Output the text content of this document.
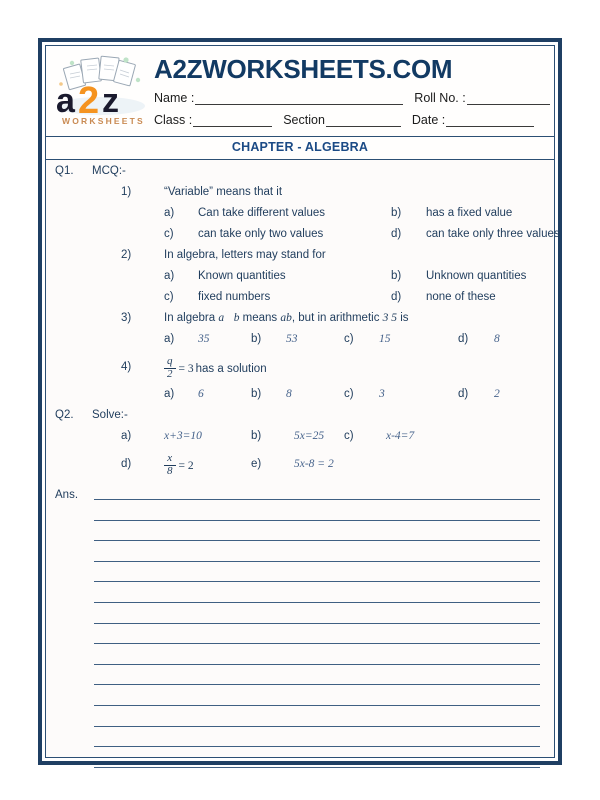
a 2 z
WORKSHEETS
A2ZWORKSHEETS.COM
Name :	Roll No. :
Class :	Section	Date :
CHAPTER - ALGEBRA
Q1. MCQ:-
1)	“Variable” means that it
a) Can take different values	b) has a fixed value
c) can take only two values	d) can take only three values
2)	In algebra, letters may stand for
a) Known quantities	b) Unknown quantities
c) fixed numbers	d) none of these
3)	In algebra a b means ab, but in arithmetic 3 5 is
a) 35	b) 53	c) 15	d) 8
4)	$\frac{q}{2} = 3$ has a solution
a) 6	b) 8	c) 3	d) 2
Q2. Solve:-
a)	x+3=10	b)	5x=25 c)	x-4=7
d)	$\frac{x}{8} = 2$	e)	5x-8 = 2
Ans.
